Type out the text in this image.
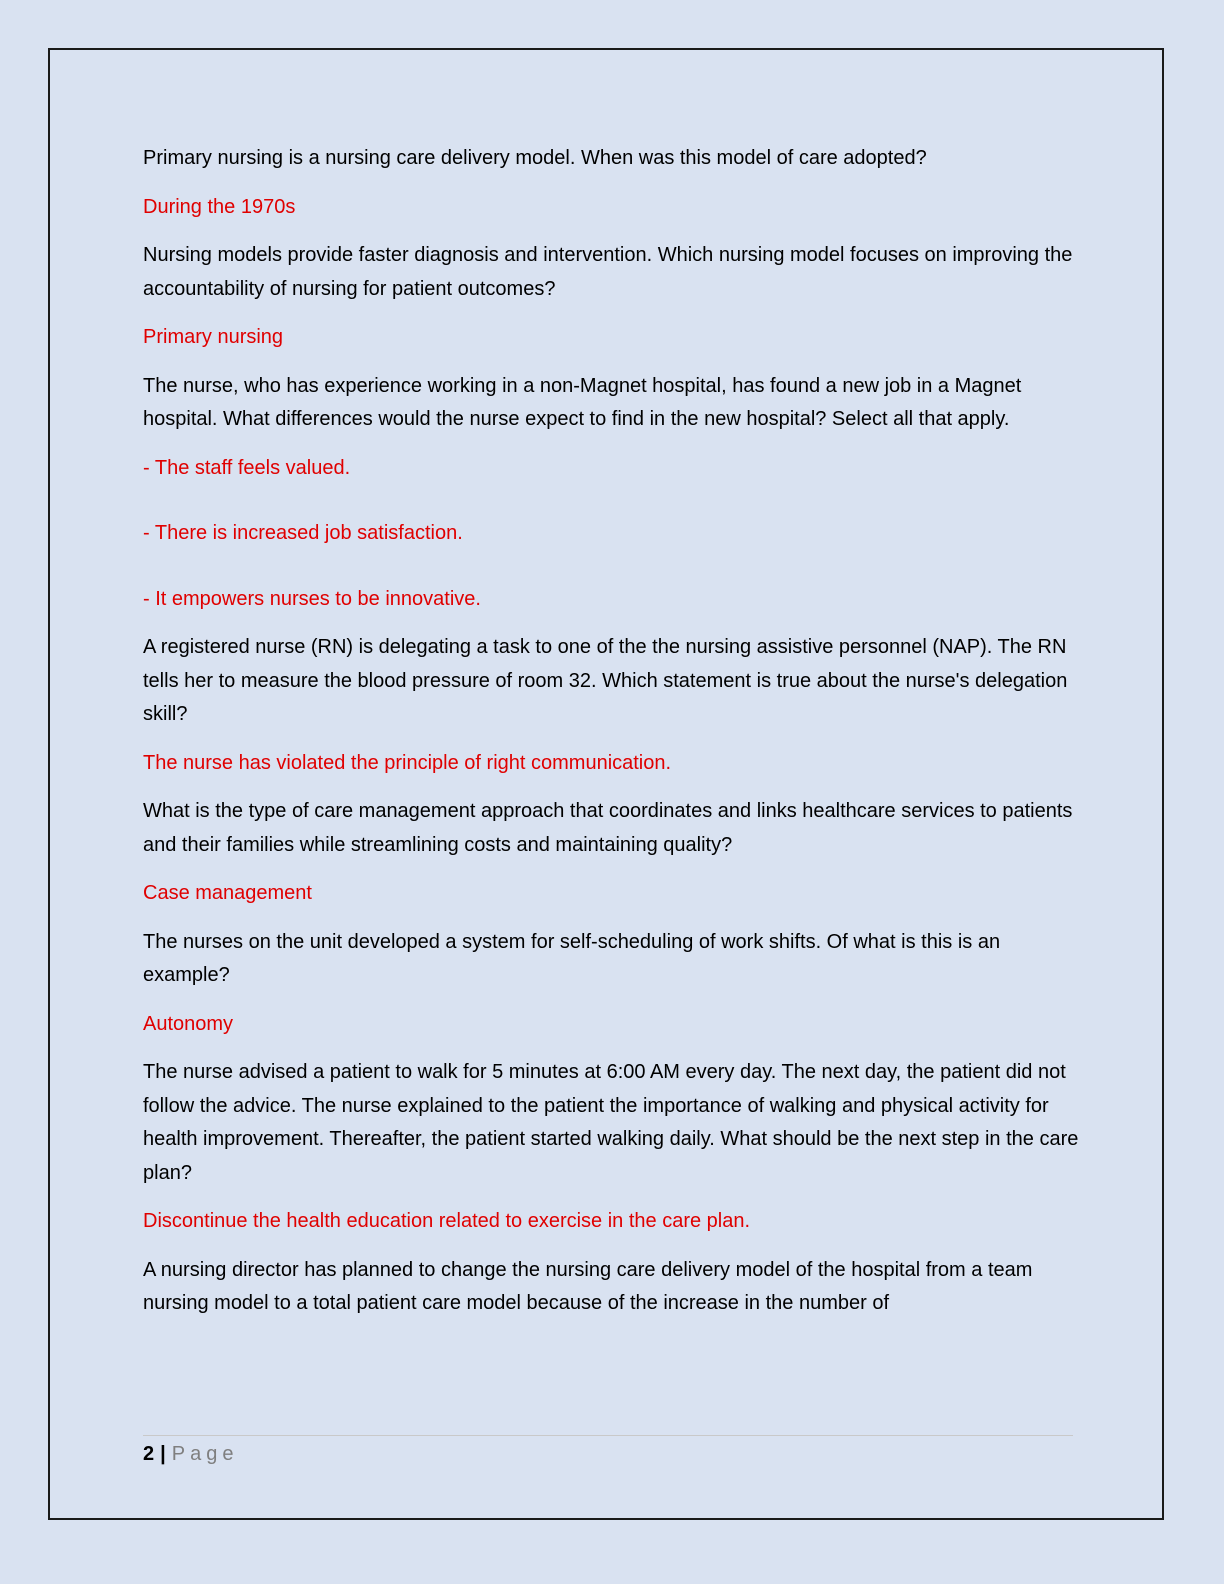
Primary nursing is a nursing care delivery model. When was this model of care adopted?

During the 1970s

Nursing models provide faster diagnosis and intervention. Which nursing model focuses on improving the accountability of nursing for patient outcomes?

Primary nursing

The nurse, who has experience working in a non-Magnet hospital, has found a new job in a Magnet hospital. What differences would the nurse expect to find in the new hospital? Select all that apply.

- The staff feels valued.

- There is increased job satisfaction.

- It empowers nurses to be innovative.

A registered nurse (RN) is delegating a task to one of the the nursing assistive personnel (NAP). The RN tells her to measure the blood pressure of room 32. Which statement is true about the nurse's delegation skill?

The nurse has violated the principle of right communication.

What is the type of care management approach that coordinates and links healthcare services to patients and their families while streamlining costs and maintaining quality?

Case management

The nurses on the unit developed a system for self-scheduling of work shifts. Of what is this is an example?

Autonomy

The nurse advised a patient to walk for 5 minutes at 6:00 AM every day. The next day, the patient did not follow the advice. The nurse explained to the patient the importance of walking and physical activity for health improvement. Thereafter, the patient started walking daily. What should be the next step in the care plan?

Discontinue the health education related to exercise in the care plan.

A nursing director has planned to change the nursing care delivery model of the hospital from a team nursing model to a total patient care model because of the increase in the number of

2 | Page
